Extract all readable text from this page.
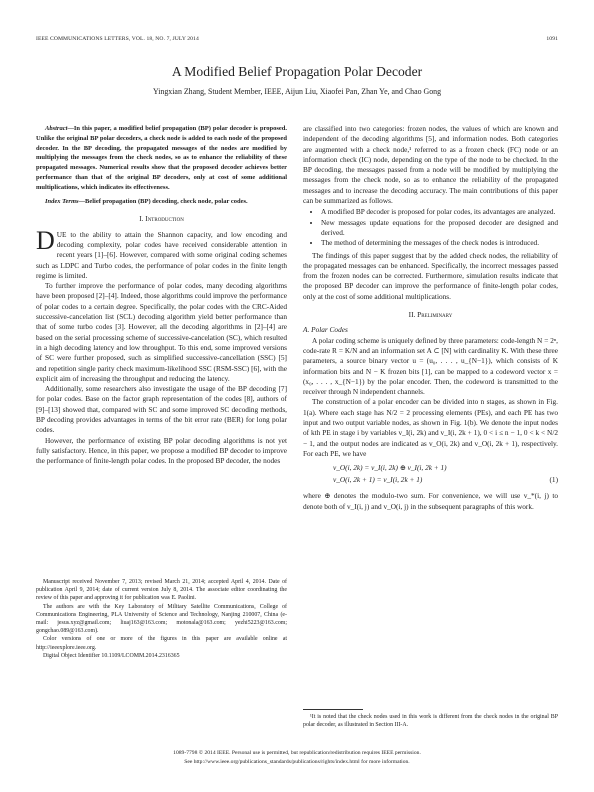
IEEE COMMUNICATIONS LETTERS, VOL. 18, NO. 7, JULY 2014	1091
A Modified Belief Propagation Polar Decoder
Yingxian Zhang, Student Member, IEEE, Aijun Liu, Xiaofei Pan, Zhan Ye, and Chao Gong

Abstract—In this paper, a modified belief propagation (BP) polar decoder is proposed. Unlike the original BP polar decoders, a check node is added to each node of the proposed decoder. In the BP decoding, the propagated messages of the nodes are modified by multiplying the messages from the check nodes, so as to enhance the reliability of these propagated messages. Numerical results show that the proposed decoder achieves better performance than that of the original BP decoders, only at cost of some additional multiplications, which indicates its effectiveness.

Index Terms—Belief propagation (BP) decoding, check node, polar codes.

I. Introduction

DUE to the ability to attain the Shannon capacity, and low encoding and decoding complexity, polar codes have received considerable attention in recent years [1]–[6]. However, compared with some original coding schemes such as LDPC and Turbo codes, the performance of polar codes in the finite length regime is limited.

To further improve the performance of polar codes, many decoding algorithms have been proposed [2]–[4]. Indeed, those algorithms could improve the performance of polar codes to a certain degree. Specifically, the polar codes with the CRC-Aided successive-cancelation list (SCL) decoding algorithm yield better performance than that of some turbo codes [3]. However, all the decoding algorithms in [2]–[4] are based on the serial processing scheme of successive-cancelation (SC), which resulted in a high decoding latency and low throughput. To this end, some improved versions of SC were further proposed, such as simplified successive-cancellation (SSC) [5] and repetition single parity check maximum-likelihood SSC (RSM-SSC) [6], with the explicit aim of increasing the throughput and reducing the latency.

Additionally, some researchers also investigate the usage of the BP decoding [7] for polar codes. Base on the factor graph representation of the codes [8], authors of [9]–[13] showed that, compared with SC and some improved SC decoding methods, BP decoding provides advantages in terms of the bit error rate (BER) for long polar codes.

However, the performance of existing BP polar decoding algorithms is not yet fully satisfactory. Hence, in this paper, we propose a modified BP decoder to improve the performance of finite-length polar codes. In the proposed BP decoder, the nodes

Manuscript received November 7, 2013; revised March 21, 2014; accepted April 4, 2014. Date of publication April 9, 2014; date of current version July 8, 2014. The associate editor coordinating the review of this paper and approving it for publication was E. Paolini.

The authors are with the Key Laboratory of Military Satellite Communications, College of Communications Engineering, PLA University of Science and Technology, Nanjing 210007, China (e-mail: jesus.xyz@gmail.com; liuaj163@163.com; motonala@163.com; yezhi5223@163.com; gongchao.089@163.com).

Color versions of one or more of the figures in this paper are available online at http://ieeexplore.ieee.org.

Digital Object Identifier 10.1109/LCOMM.2014.2316365

are classified into two categories: frozen nodes, the values of which are known and independent of the decoding algorithms [5], and information nodes. Both categories are augmented with a check node,¹ referred to as a frozen check (FC) node or an information check (IC) node, depending on the type of the node to be checked. In the BP decoding, the messages passed from a node will be modified by multiplying the messages from the check node, so as to enhance the reliability of the propagated messages and to increase the decoding accuracy. The main contributions of this paper can be summarized as follows.

• A modified BP decoder is proposed for polar codes, its advantages are analyzed.
• New messages update equations for the proposed decoder are designed and derived.
• The method of determining the messages of the check nodes is introduced.

The findings of this paper suggest that by the added check nodes, the reliability of the propagated messages can be enhanced. Specifically, the incorrect messages passed from the frozen nodes can be corrected. Furthermore, simulation results indicate that the proposed BP decoder can improve the performance of finite-length polar codes, only at the cost of some additional multiplications.

II. Preliminary

A. Polar Codes

A polar coding scheme is uniquely defined by three parameters: code-length N = 2ⁿ, code-rate R = K/N and an information set A ⊂ [N] with cardinality K. With these three parameters, a source binary vector u = (u₀, . . . , u_{N−1}), which consists of K information bits and N − K frozen bits [1], can be mapped to a codeword vector x = (x₀, . . . , x_{N−1}) by the polar encoder. Then, the codeword is transmitted to the receiver through N independent channels.

The construction of a polar encoder can be divided into n stages, as shown in Fig. 1(a). Where each stage has N/2 = 2 processing elements (PEs), and each PE has two input and two output variable nodes, as shown in Fig. 1(b). We denote the input nodes of kth PE in stage i by variables v_I(i, 2k) and v_I(i, 2k + 1), 0 < i ≤ n − 1, 0 < k < N/2 − 1, and the output nodes are indicated as v_O(i, 2k) and v_O(i, 2k + 1), respectively. For each PE, we have

v_O(i, 2k) = v_I(i, 2k) ⊕ v_I(i, 2k + 1)
v_O(i, 2k + 1) = v_I(i, 2k + 1)	(1)

where ⊕ denotes the modulo-two sum. For convenience, we will use v_*(i, j) to denote both of v_I(i, j) and v_O(i, j) in the subsequent paragraphs of this work.

¹It is noted that the check nodes used in this work is different from the check nodes in the original BP polar decoder, as illustrated in Section III-A.

1089-7798 © 2014 IEEE. Personal use is permitted, but republication/redistribution requires IEEE permission.
See http://www.ieee.org/publications_standards/publications/rights/index.html for more information.
